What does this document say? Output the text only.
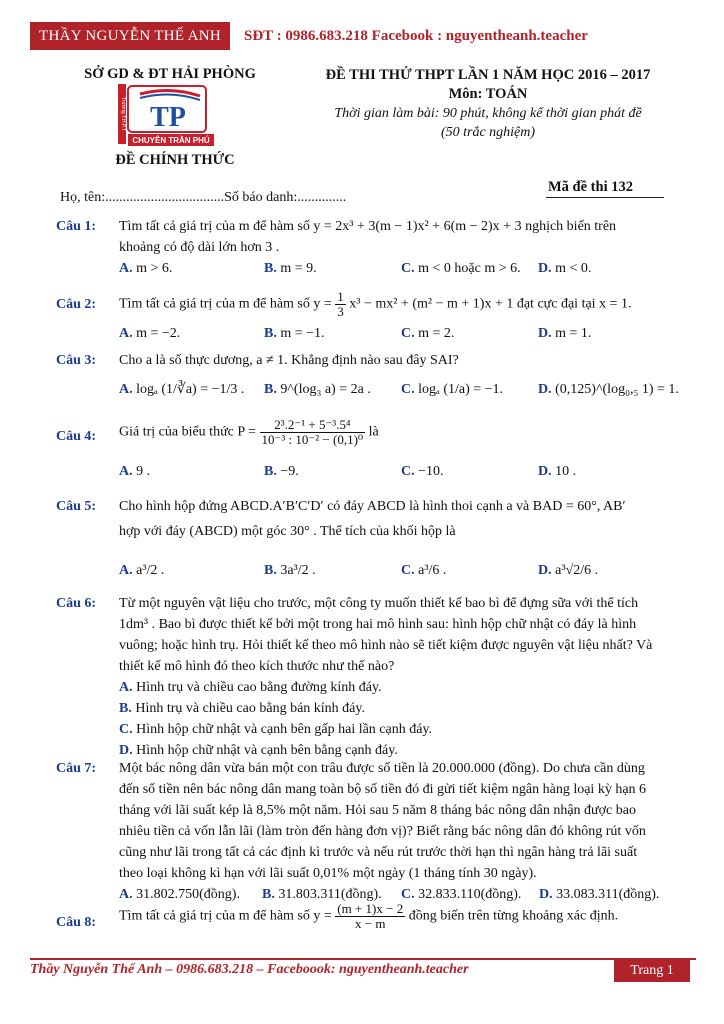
THẦY NGUYỄN THẾ ANH	SĐT : 0986.683.218 Facebook : nguyentheanh.teacher
SỞ GD & ĐT HẢI PHÒNG
TP
CHUYÊN TRẦN PHÚ
Trường T.H.P.T
ĐỀ CHÍNH THỨC
ĐỀ THI THỬ THPT LẦN 1 NĂM HỌC 2016 – 2017
Môn: TOÁN
Thời gian làm bài: 90 phút, không kể thời gian phát đề
(50 trắc nghiệm)
Họ, tên:..................................Số báo danh:..............
Mã đề thi 132
Câu 1:	Tìm tất cả giá trị của m để hàm số y = 2x³ + 3(m − 1)x² + 6(m − 2)x + 3 nghịch biến trên
khoảng có độ dài lớn hơn 3 .
A. m > 6.	B. m = 9.	C. m < 0 hoặc m > 6. D. m < 0.
Câu 2:	Tìm tất cả giá trị của m để hàm số $y = \frac{1}{3} x^3 - mx^2 + (m^2 - m + 1)x + 1$ đạt cực đại tại x = 1.
A. m = −2.	B. m = −1.	C. m = 2.	D. m = 1.
Câu 3:	Cho a là số thực dương, a ≠ 1. Khẳng định nào sau đây SAI?
A. logₐ (1/∛a) = −1/3 . B. 9^(log₃ a) = 2a . C. logₐ (1/a) = −1. D. (0,125)^(log₀,₅ 1) = 1.
Câu 4:	Giá trị của biểu thức $P = \frac{\text{2³.2⁻¹ + 5⁻³.5⁴}}{\text{10⁻³ : 10⁻² − (0,1)⁰}}$ là
A. 9 .	B. −9.	C. −10.	D. 10 .
Câu 5:	Cho hình hộp đứng ABCD.A′B′C′D′ có đáy ABCD là hình thoi cạnh a và BAD = 60°, AB′
hợp với đáy (ABCD) một góc 30° . Thể tích của khối hộp là
A. a³/2 .	B. 3a³/2 .	C. a³/6 .	D. a³√2/6 .
Câu 6:	Từ một nguyên vật liệu cho trước, một công ty muốn thiết kế bao bì để đựng sữa với thể tích
1dm³ . Bao bì được thiết kế bởi một trong hai mô hình sau: hình hộp chữ nhật có đáy là hình
vuông; hoặc hình trụ. Hỏi thiết kế theo mô hình nào sẽ tiết kiệm được nguyên vật liệu nhất? Và
thiết kế mô hình đó theo kích thước như thế nào?
A. Hình trụ và chiều cao bằng đường kính đáy.
B. Hình trụ và chiều cao bằng bán kính đáy.
C. Hình hộp chữ nhật và cạnh bên gấp hai lần cạnh đáy.
D. Hình hộp chữ nhật và cạnh bên bằng cạnh đáy.
Câu 7:	Một bác nông dân vừa bán một con trâu được số tiền là 20.000.000 (đồng). Do chưa cần dùng
đến số tiền nên bác nông dân mang toàn bộ số tiền đó đi gửi tiết kiệm ngân hàng loại kỳ hạn 6
tháng với lãi suất kép là 8,5% một năm. Hỏi sau 5 năm 8 tháng bác nông dân nhận được bao
nhiêu tiền cả vốn lẫn lãi (làm tròn đến hàng đơn vị)? Biết rằng bác nông dân đó không rút vốn
cũng như lãi trong tất cả các định kì trước và nếu rút trước thời hạn thì ngân hàng trả lãi suất
theo loại không kì hạn với lãi suất 0,01% một ngày (1 tháng tính 30 ngày).
A. 31.802.750(đồng). B. 31.803.311(đồng). C. 32.833.110(đồng). D. 33.083.311(đồng).
Câu 8:	Tìm tất cả giá trị của m để hàm số $y = \frac{(m + 1)x - 2}{x - m}$ đồng biến trên từng khoảng xác định.
Thầy Nguyễn Thế Anh – 0986.683.218 – Faceboook: nguyentheanh.teacher	Trang 1
